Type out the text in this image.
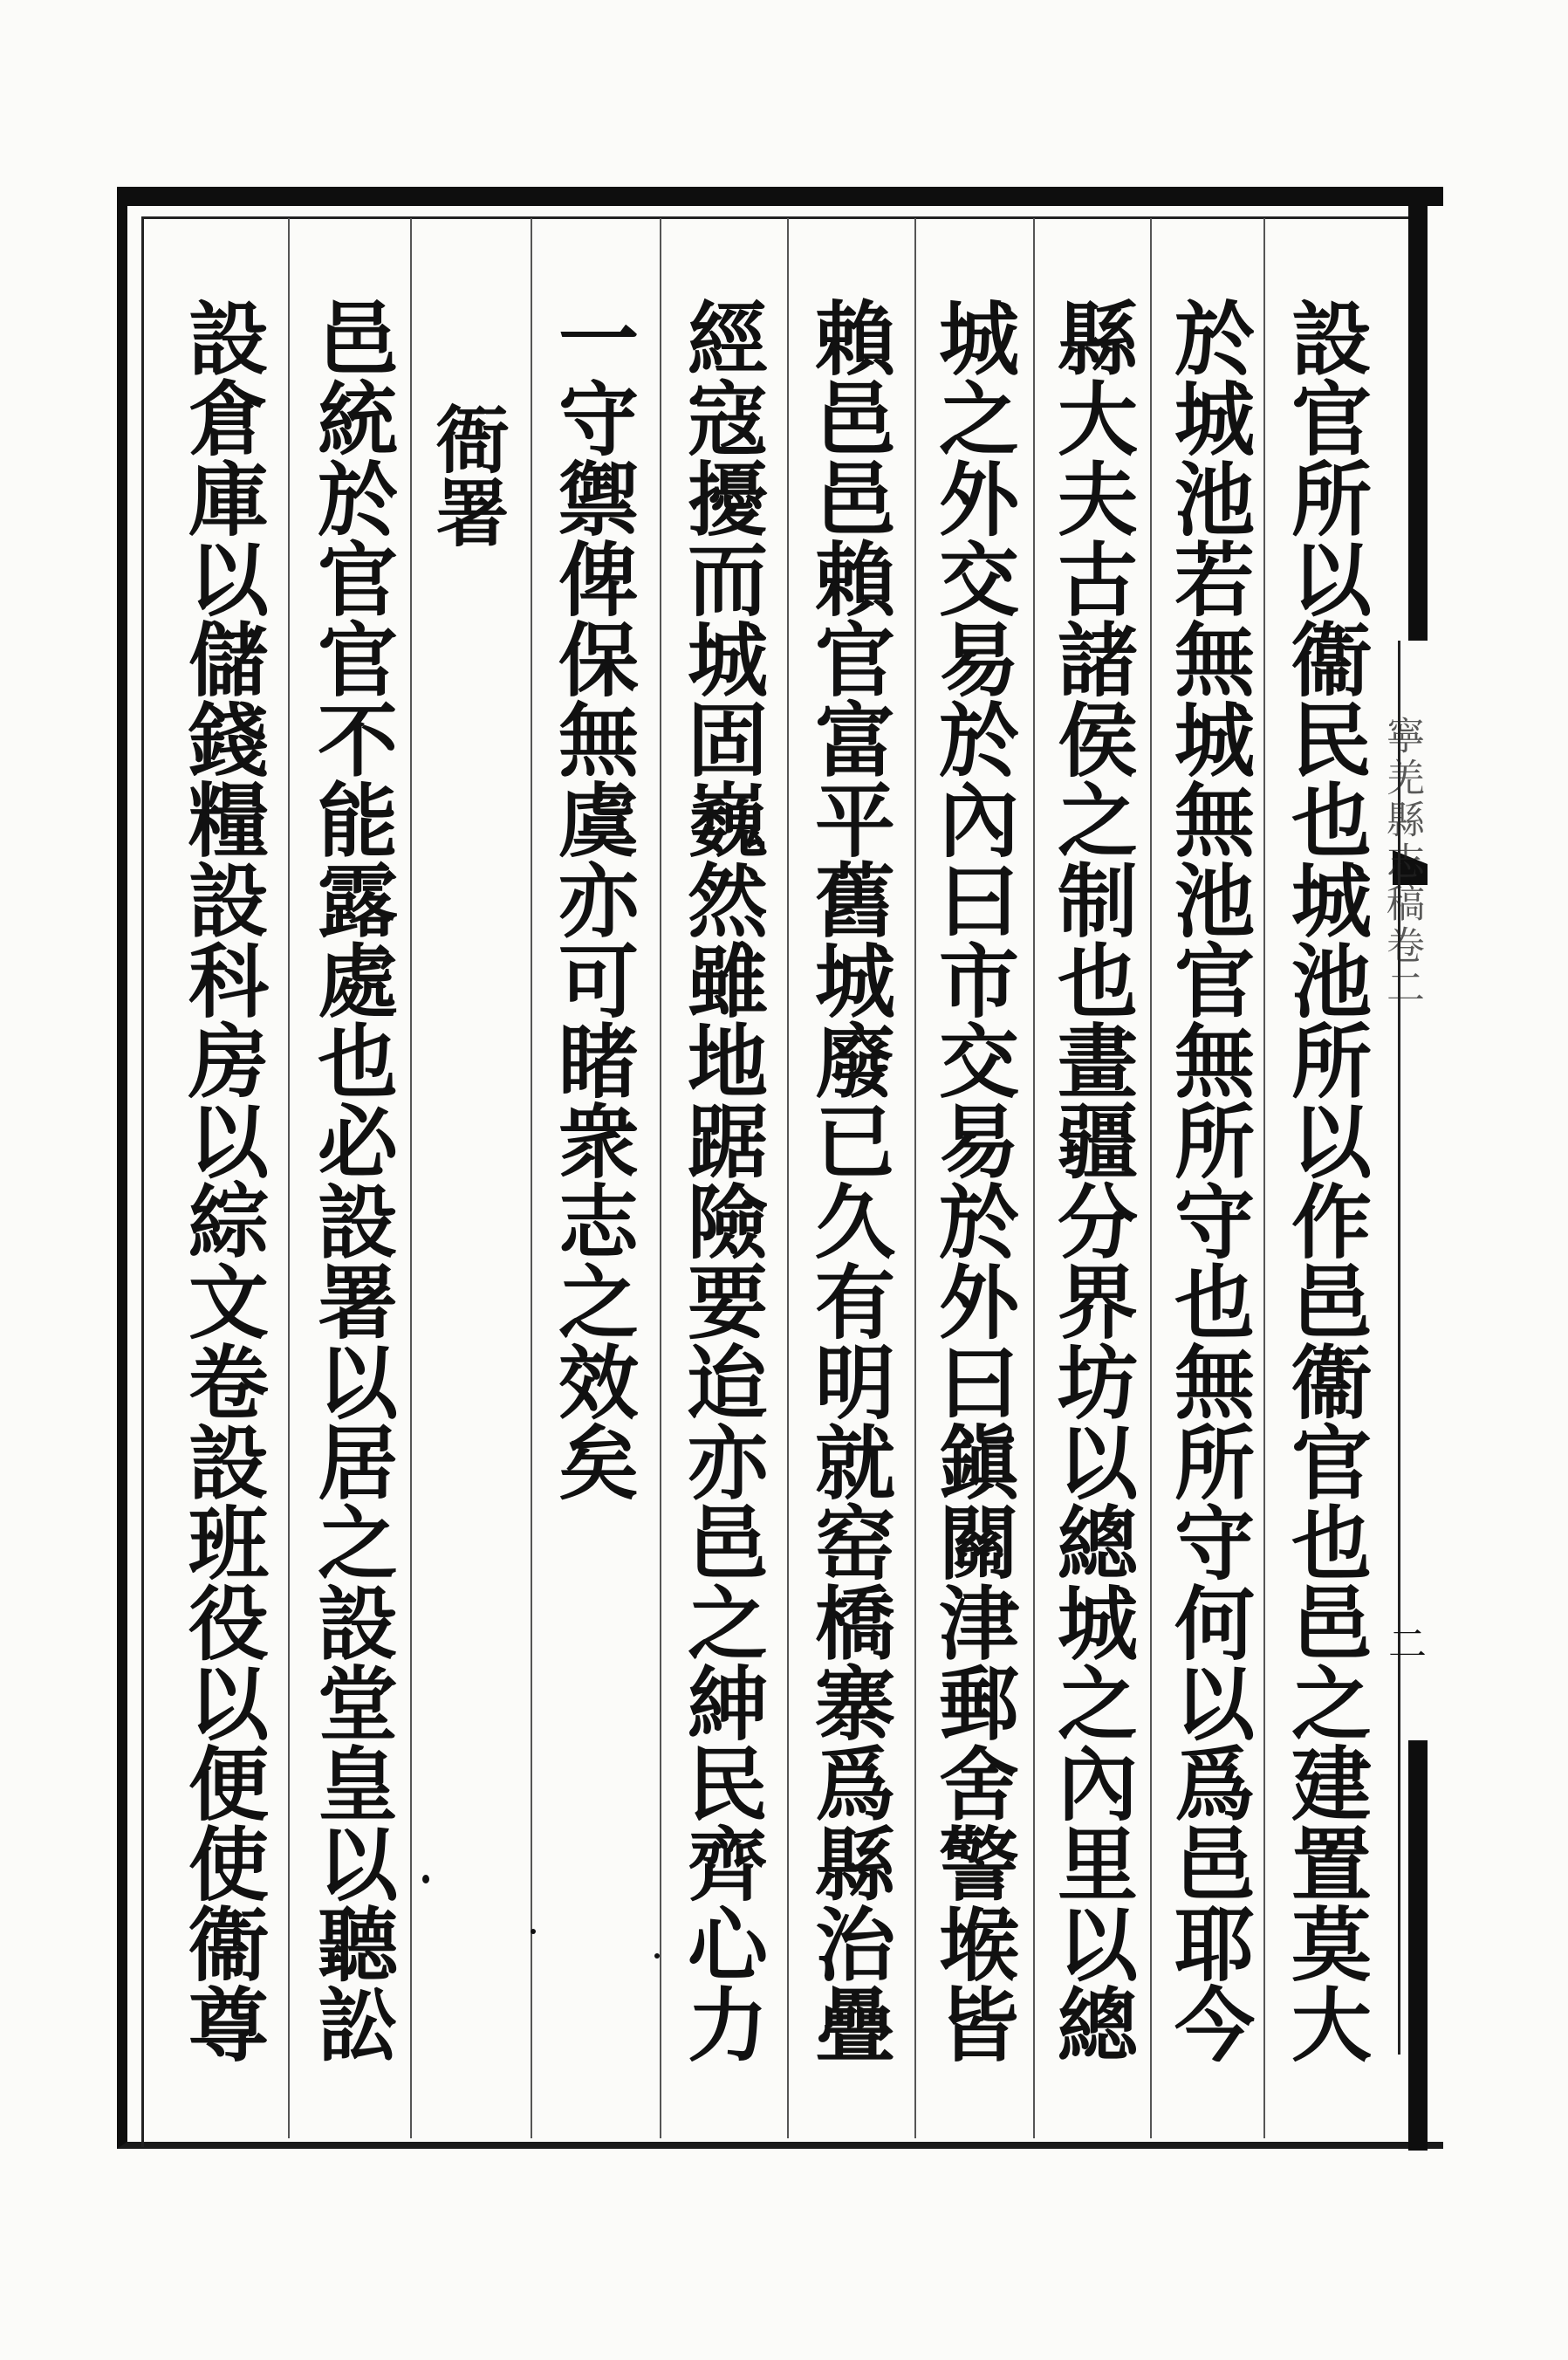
寧羌縣志稿卷二
二
設官所以衞民也城池所以作邑衞官也邑之建置莫大
於城池若無城無池官無所守也無所守何以爲邑耶今
縣大夫古諸侯之制也畫疆分界坊以總城之內里以總
城之外交易於內曰市交易於外曰鎭關津郵舍警堠皆
賴邑邑賴官富平舊城廢已久有明就窑橋寨爲縣治疊
經寇擾而城固巍然雖地踞險要迨亦邑之紳民齊心力
一守禦俾保無虞亦可睹衆志之效矣
衙署
邑統於官官不能露處也必設署以居之設堂皇以聽訟
設倉庫以儲錢糧設科房以綜文卷設班役以便使衞尊
